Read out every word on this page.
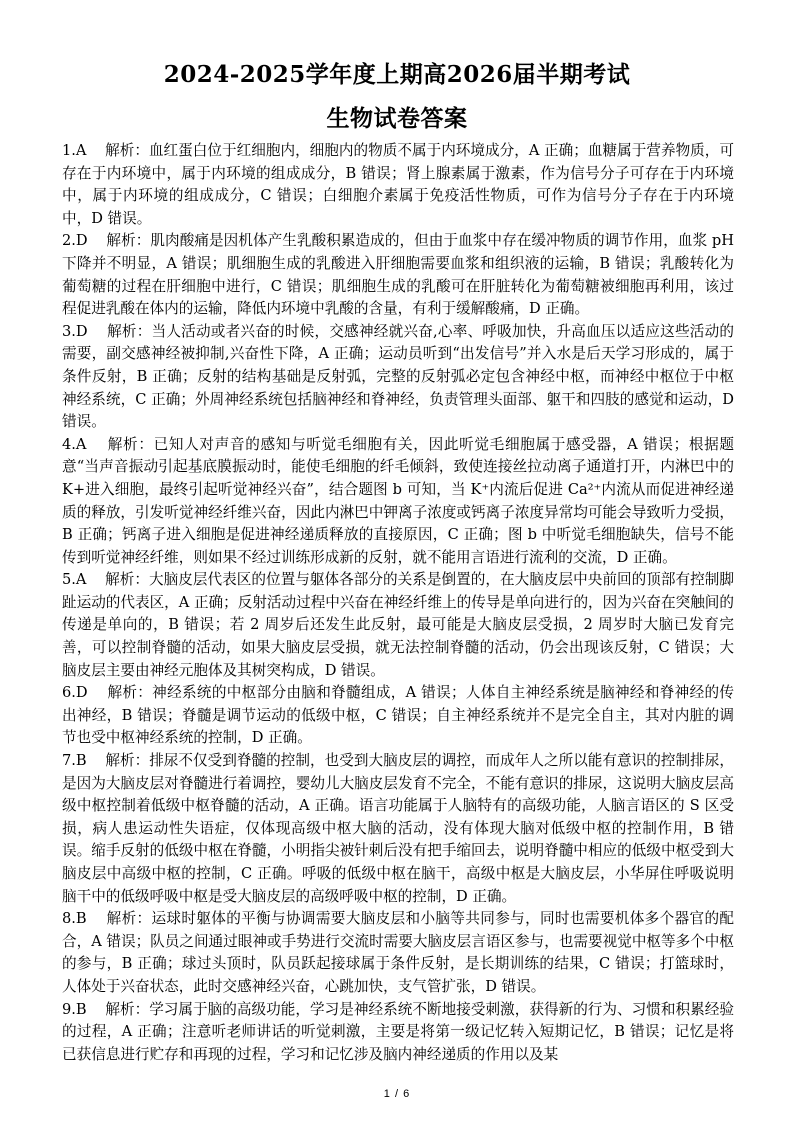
2024-2025学年度上期高2026届半期考试
生物试卷答案

1.A 解析：血红蛋白位于红细胞内，细胞内的物质不属于内环境成分，A 正确；血糖属于营养物质，可存在于内环境中，属于内环境的组成成分，B 错误；肾上腺素属于激素，作为信号分子可存在于内环境中，属于内环境的组成成分，C 错误；白细胞介素属于免疫活性物质，可作为信号分子存在于内环境中，D 错误。

2.D 解析：肌肉酸痛是因机体产生乳酸积累造成的，但由于血浆中存在缓冲物质的调节作用，血浆 pH 下降并不明显，A 错误；肌细胞生成的乳酸进入肝细胞需要血浆和组织液的运输，B 错误；乳酸转化为葡萄糖的过程在肝细胞中进行，C 错误；肌细胞生成的乳酸可在肝脏转化为葡萄糖被细胞再利用，该过程促进乳酸在体内的运输，降低内环境中乳酸的含量，有利于缓解酸痛，D 正确。

3.D 解析：当人活动或者兴奋的时候，交感神经就兴奋,心率、呼吸加快，升高血压以适应这些活动的需要，副交感神经被抑制,兴奋性下降，A 正确；运动员听到“出发信号”并入水是后天学习形成的，属于条件反射，B 正确；反射的结构基础是反射弧，完整的反射弧必定包含神经中枢，而神经中枢位于中枢神经系统，C 正确；外周神经系统包括脑神经和脊神经，负责管理头面部、躯干和四肢的感觉和运动，D 错误。

4.A 解析：已知人对声音的感知与听觉毛细胞有关，因此听觉毛细胞属于感受器，A 错误；根据题意“当声音振动引起基底膜振动时，能使毛细胞的纤毛倾斜，致使连接丝拉动离子通道打开，内淋巴中的 K+进入细胞，最终引起听觉神经兴奋”，结合题图 b 可知，当 K⁺内流后促进 Ca²⁺内流从而促进神经递质的释放，引发听觉神经纤维兴奋，因此内淋巴中钾离子浓度或钙离子浓度异常均可能会导致听力受损，B 正确；钙离子进入细胞是促进神经递质释放的直接原因，C 正确；图 b 中听觉毛细胞缺失，信号不能传到听觉神经纤维，则如果不经过训练形成新的反射，就不能用言语进行流利的交流，D 正确。

5.A 解析：大脑皮层代表区的位置与躯体各部分的关系是倒置的，在大脑皮层中央前回的顶部有控制脚趾运动的代表区，A 正确；反射活动过程中兴奋在神经纤维上的传导是单向进行的，因为兴奋在突触间的传递是单向的，B 错误；若 2 周岁后还发生此反射，最可能是大脑皮层受损，2 周岁时大脑已发育完善，可以控制脊髓的活动，如果大脑皮层受损，就无法控制脊髓的活动，仍会出现该反射，C 错误；大脑皮层主要由神经元胞体及其树突构成，D 错误。

6.D 解析：神经系统的中枢部分由脑和脊髓组成，A 错误；人体自主神经系统是脑神经和脊神经的传出神经，B 错误；脊髓是调节运动的低级中枢，C 错误；自主神经系统并不是完全自主，其对内脏的调节也受中枢神经系统的控制，D 正确。

7.B 解析：排尿不仅受到脊髓的控制，也受到大脑皮层的调控，而成年人之所以能有意识的控制排尿，是因为大脑皮层对脊髓进行着调控，婴幼儿大脑皮层发育不完全，不能有意识的排尿，这说明大脑皮层高级中枢控制着低级中枢脊髓的活动，A 正确。语言功能属于人脑特有的高级功能，人脑言语区的 S 区受损，病人患运动性失语症，仅体现高级中枢大脑的活动，没有体现大脑对低级中枢的控制作用，B 错误。缩手反射的低级中枢在脊髓，小明指尖被针刺后没有把手缩回去，说明脊髓中相应的低级中枢受到大脑皮层中高级中枢的控制，C 正确。呼吸的低级中枢在脑干，高级中枢是大脑皮层，小华屏住呼吸说明脑干中的低级呼吸中枢是受大脑皮层的高级呼吸中枢的控制，D 正确。

8.B 解析：运球时躯体的平衡与协调需要大脑皮层和小脑等共同参与，同时也需要机体多个器官的配合，A 错误；队员之间通过眼神或手势进行交流时需要大脑皮层言语区参与，也需要视觉中枢等多个中枢的参与，B 正确；球过头顶时，队员跃起接球属于条件反射，是长期训练的结果，C 错误；打篮球时，人体处于兴奋状态，此时交感神经兴奋，心跳加快，支气管扩张，D 错误。

9.B 解析：学习属于脑的高级功能，学习是神经系统不断地接受刺激，获得新的行为、习惯和积累经验的过程，A 正确；注意听老师讲话的听觉刺激，主要是将第一级记忆转入短期记忆，B 错误；记忆是将已获信息进行贮存和再现的过程，学习和记忆涉及脑内神经递质的作用以及某

1 / 6
